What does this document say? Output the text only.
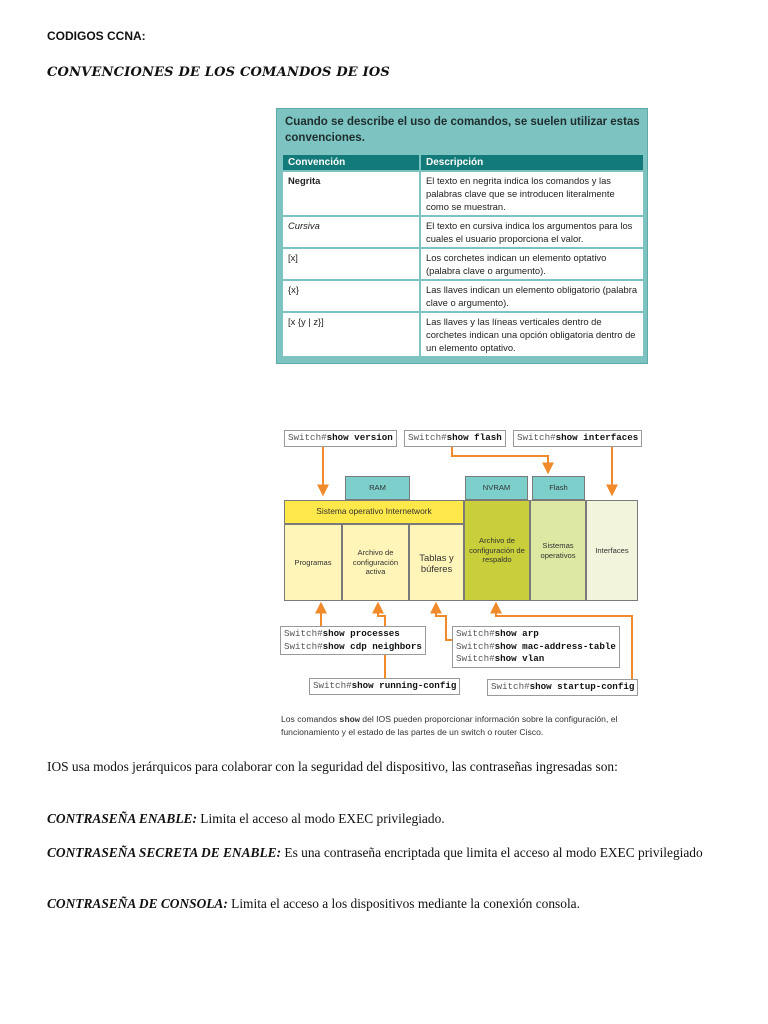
CODIGOS CCNA:
CONVENCIONES DE LOS COMANDOS DE IOS
Cuando se describe el uso de comandos, se suelen utilizar estas convenciones.
Convención	Descripción
Negrita	El texto en negrita indica los comandos y las palabras clave que se introducen literalmente como se muestran.
Cursiva	El texto en cursiva indica los argumentos para los cuales el usuario proporciona el valor.
[x]	Los corchetes indican un elemento optativo (palabra clave o argumento).
{x}	Las llaves indican un elemento obligatorio (palabra clave o argumento).
[x {y | z}]	Las llaves y las líneas verticales dentro de corchetes indican una opción obligatoria dentro de un elemento optativo.
RAM	NVRAM	Flash
Sistema operativo Internetwork
Programas
Archivo de configuración activa
Tablas y búferes
Archivo de configuración de respaldo
Sistemas operativos
Interfaces
Switch#show version	Switch#show flash	Switch#show interfaces
Switch#show processes
Switch#show cdp neighbors
Switch#show arp
Switch#show mac-address-table
Switch#show vlan
Switch#show running-config	Switch#show startup-config
Los comandos show del IOS pueden proporcionar información sobre la configuración, el funcionamiento y el estado de las partes de un switch o router Cisco.
IOS usa modos jerárquicos para colaborar con la seguridad del dispositivo, las contraseñas ingresadas son:
CONTRASEÑA ENABLE: Limita el acceso al modo EXEC privilegiado.
CONTRASEÑA SECRETA DE ENABLE: Es una contraseña encriptada que limita el acceso al modo EXEC privilegiado
CONTRASEÑA DE CONSOLA: Limita el acceso a los dispositivos mediante la conexión consola.
